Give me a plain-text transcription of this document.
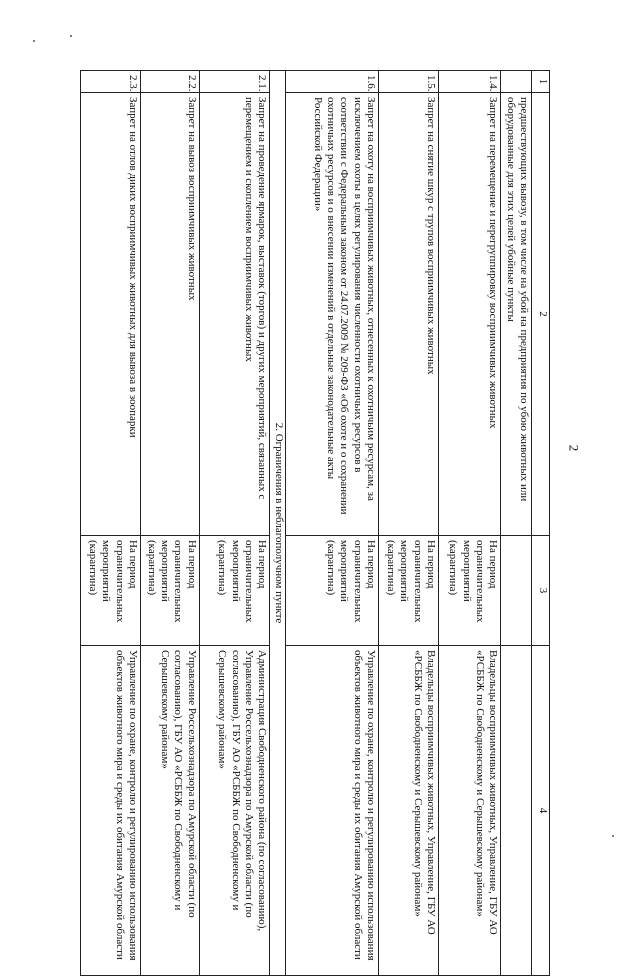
2
1	2	3	4
	предшествующих вывозу, в том числе на убой на предприятия по убою животных или оборудованные для этих целей убойные пункты		
1.4.	Запрет на перемещение и перегруппировку восприимчивых животных	На период ограничительных мероприятий (карантина)	Владельцы восприимчивых животных, Управление, ГБУ АО «РСББЖ по Свободненскому и Серышевскому районам»
1.5.	Запрет на снятие шкур с трупов восприимчивых животных	На период ограничительных мероприятий (карантина)	Владельцы восприимчивых животных, Управление, ГБУ АО «РСББЖ по Свободненскому и Серышевскому районам»
1.6.	Запрет на охоту на восприимчивых животных, отнесенных к охотничьим ресурсам, за исключением охоты в целях регулирования численности охотничьих ресурсов в соответствии с Федеральным законом от 24.07.2009 № 209-ФЗ «Об охоте и о сохранении охотничьих ресурсов и о внесении изменений в отдельные законодательные акты Российской Федерации»	На период ограничительных мероприятий (карантина)	Управление по охране, контролю и регулированию использования объектов животного мира и среды их обитания Амурской области
2. Ограничения в неблагополучном пункте			
2.1.	Запрет на проведение ярмарок, выставок (торгов) и других мероприятий, связанных с перемещением и скоплением восприимчивых животных	На период ограничительных мероприятий (карантина)	Администрация Свободненского района (по согласованию), Управление Россельхознадзора по Амурской области (по согласованию), ГБУ АО «РСББЖ по Свободненскому и Серышевскому районам»
2.2.	Запрет на вывоз восприимчивых животных	На период ограничительных мероприятий (карантина)	Управление Россельхознадзора по Амурской области (по согласованию), ГБУ АО «РСББЖ по Свободненскому и Серышевскому районам»
2.3.	Запрет на отлов диких восприимчивых животных для вывоза в зоопарки	На период ограничительных мероприятий (карантина)	Управление по охране, контролю и регулированию использования объектов животного мира и среды их обитания Амурской области
